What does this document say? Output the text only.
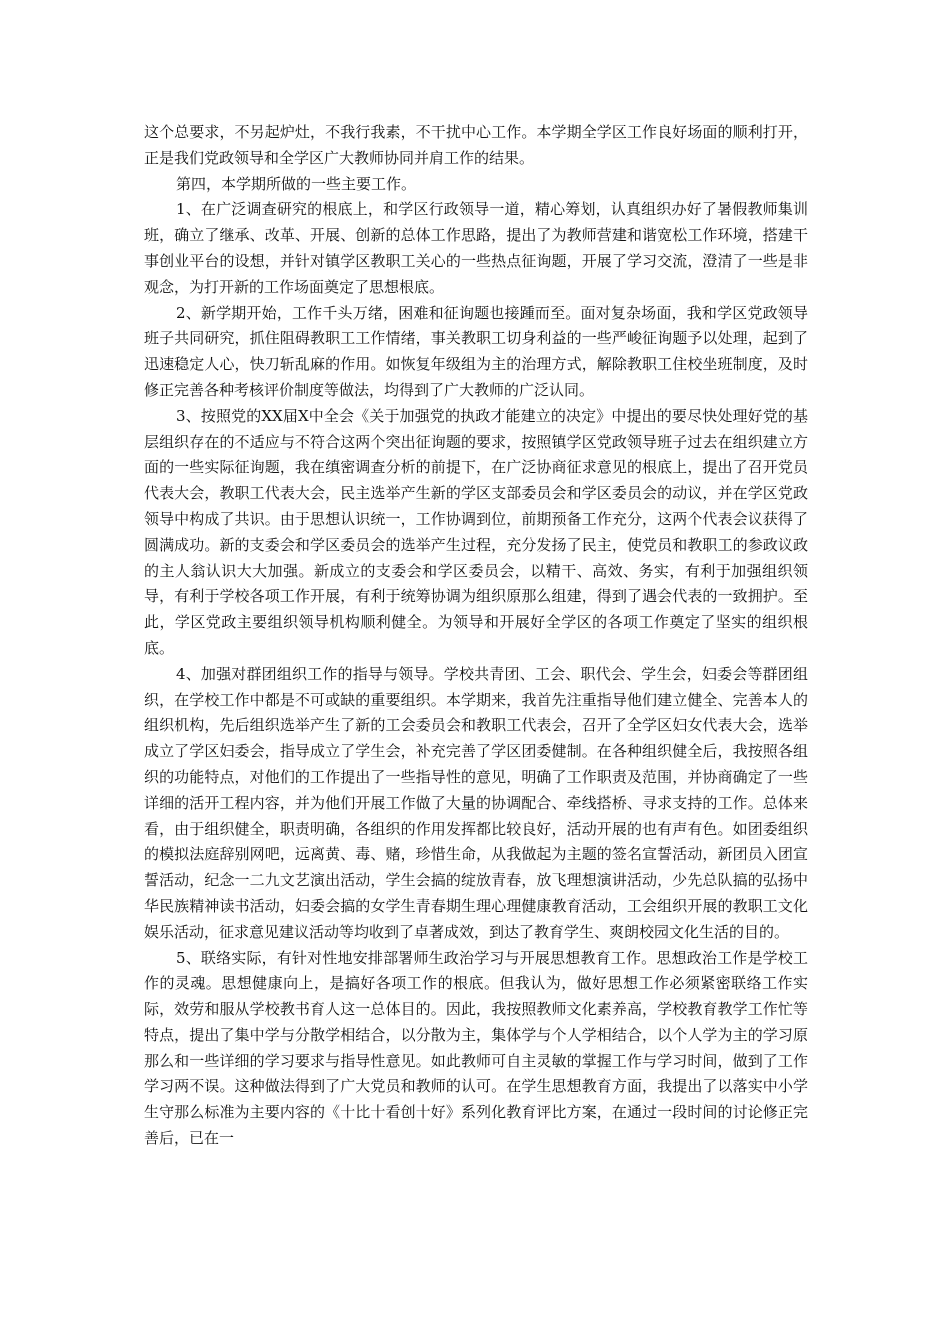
这个总要求，不另起炉灶，不我行我素，不干扰中心工作。本学期全学区工作良好场面的顺利打开，正是我们党政领导和全学区广大教师协同并肩工作的结果。

第四，本学期所做的一些主要工作。

1、在广泛调查研究的根底上，和学区行政领导一道，精心筹划，认真组织办好了暑假教师集训班，确立了继承、改革、开展、创新的总体工作思路，提出了为教师营建和谐宽松工作环境，搭建干事创业平台的设想，并针对镇学区教职工关心的一些热点征询题，开展了学习交流，澄清了一些是非观念，为打开新的工作场面奠定了思想根底。

2、新学期开始，工作千头万绪，困难和征询题也接踵而至。面对复杂场面，我和学区党政领导班子共同研究，抓住阻碍教职工工作情绪，事关教职工切身利益的一些严峻征询题予以处理，起到了迅速稳定人心，快刀斩乱麻的作用。如恢复年级组为主的治理方式，解除教职工住校坐班制度，及时修正完善各种考核评价制度等做法，均得到了广大教师的广泛认同。

3、按照党的XX届X中全会《关于加强党的执政才能建立的决定》中提出的要尽快处理好党的基层组织存在的不适应与不符合这两个突出征询题的要求，按照镇学区党政领导班子过去在组织建立方面的一些实际征询题，我在缜密调查分析的前提下，在广泛协商征求意见的根底上，提出了召开党员代表大会，教职工代表大会，民主选举产生新的学区支部委员会和学区委员会的动议，并在学区党政领导中构成了共识。由于思想认识统一，工作协调到位，前期预备工作充分，这两个代表会议获得了圆满成功。新的支委会和学区委员会的选举产生过程，充分发扬了民主，使党员和教职工的参政议政的主人翁认识大大加强。新成立的支委会和学区委员会，以精干、高效、务实，有利于加强组织领导，有利于学校各项工作开展，有利于统筹协调为组织原那么组建，得到了遇会代表的一致拥护。至此，学区党政主要组织领导机构顺利健全。为领导和开展好全学区的各项工作奠定了坚实的组织根底。

4、加强对群团组织工作的指导与领导。学校共青团、工会、职代会、学生会，妇委会等群团组织，在学校工作中都是不可或缺的重要组织。本学期来，我首先注重指导他们建立健全、完善本人的组织机构，先后组织选举产生了新的工会委员会和教职工代表会，召开了全学区妇女代表大会，选举成立了学区妇委会，指导成立了学生会，补充完善了学区团委健制。在各种组织健全后，我按照各组织的功能特点，对他们的工作提出了一些指导性的意见，明确了工作职责及范围，并协商确定了一些详细的活开工程内容，并为他们开展工作做了大量的协调配合、牵线搭桥、寻求支持的工作。总体来看，由于组织健全，职责明确，各组织的作用发挥都比较良好，活动开展的也有声有色。如团委组织的模拟法庭辞别网吧，远离黄、毒、赌，珍惜生命，从我做起为主题的签名宣誓活动，新团员入团宣誓活动，纪念一二九文艺演出活动，学生会搞的绽放青春，放飞理想演讲活动，少先总队搞的弘扬中华民族精神读书活动，妇委会搞的女学生青春期生理心理健康教育活动，工会组织开展的教职工文化娱乐活动，征求意见建议活动等均收到了卓著成效，到达了教育学生、爽朗校园文化生活的目的。

5、联络实际，有针对性地安排部署师生政治学习与开展思想教育工作。思想政治工作是学校工作的灵魂。思想健康向上，是搞好各项工作的根底。但我认为，做好思想工作必须紧密联络工作实际，效劳和服从学校教书育人这一总体目的。因此，我按照教师文化素养高，学校教育教学工作忙等特点，提出了集中学与分散学相结合，以分散为主，集体学与个人学相结合，以个人学为主的学习原那么和一些详细的学习要求与指导性意见。如此教师可自主灵敏的掌握工作与学习时间，做到了工作学习两不误。这种做法得到了广大党员和教师的认可。在学生思想教育方面，我提出了以落实中小学生守那么标准为主要内容的《十比十看创十好》系列化教育评比方案，在通过一段时间的讨论修正完善后，已在一
